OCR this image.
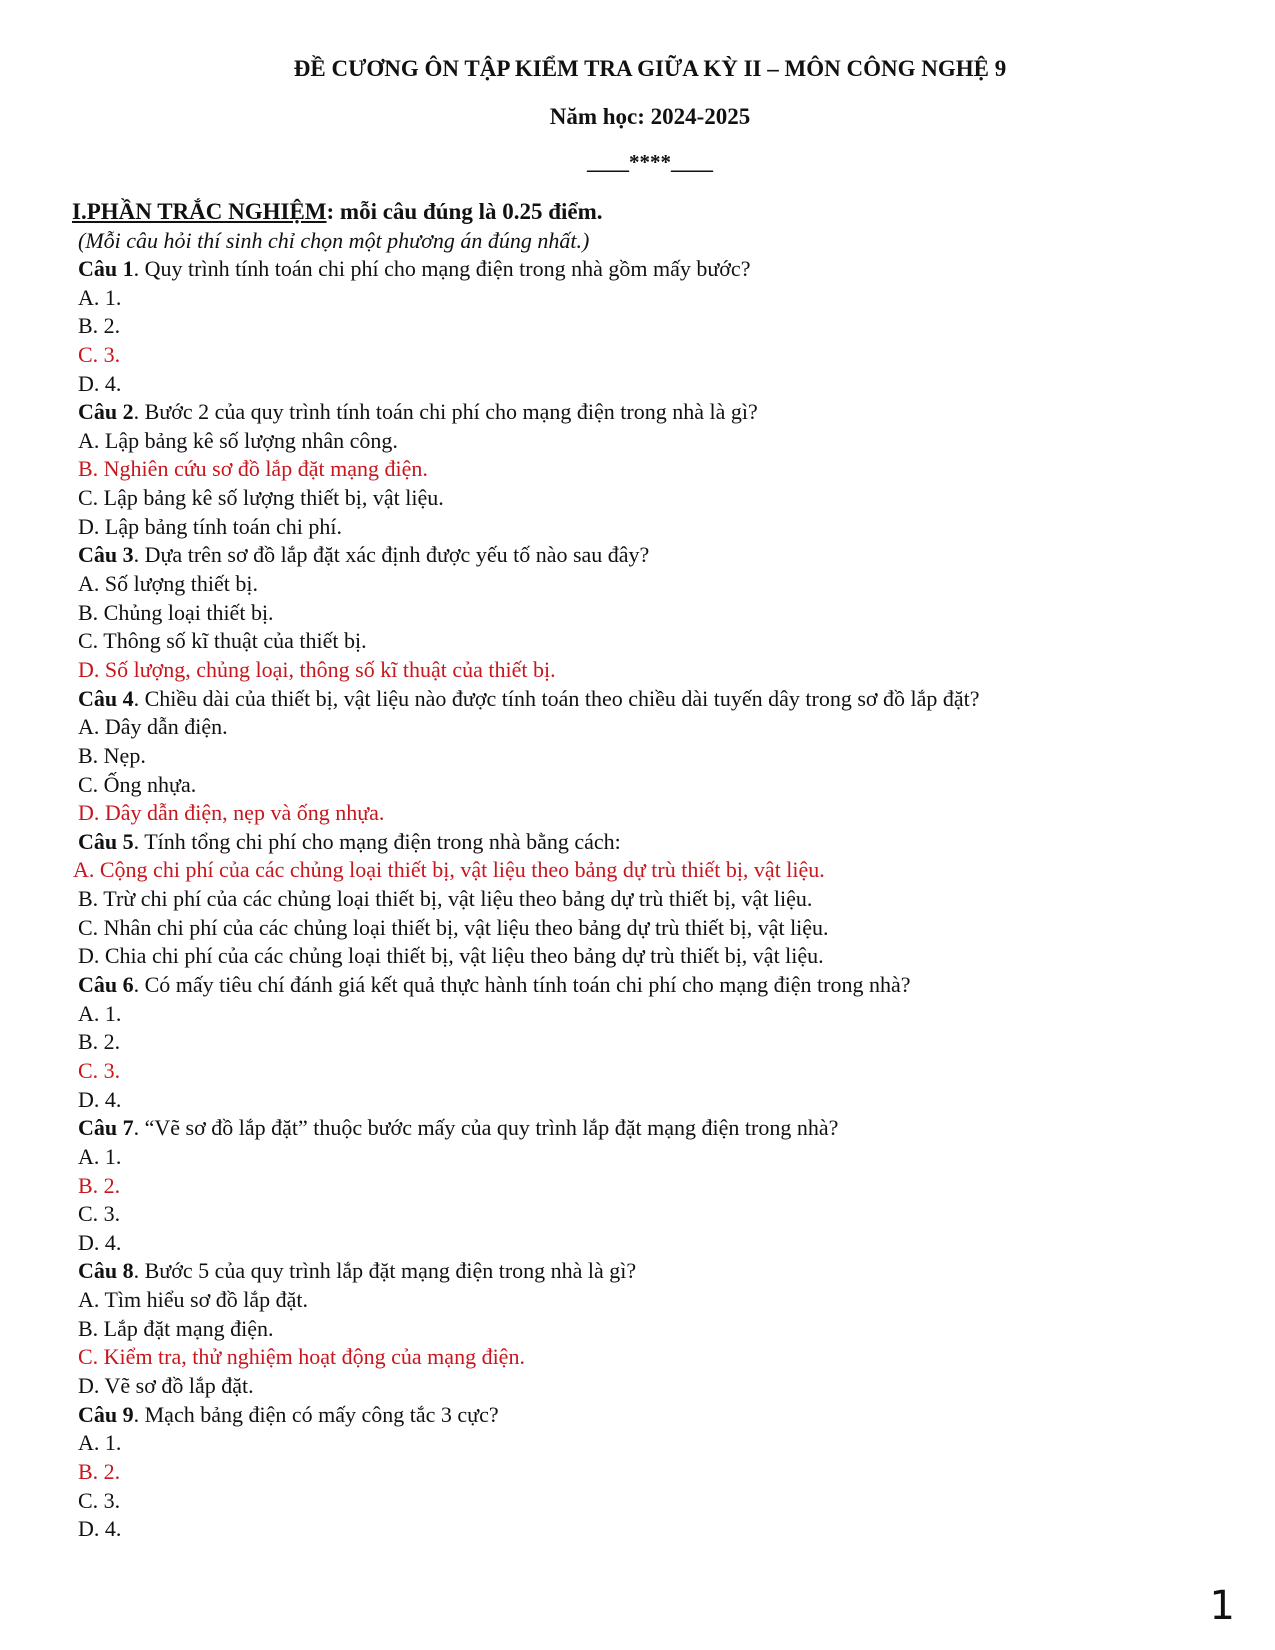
ĐỀ CƯƠNG ÔN TẬP KIỂM TRA GIỮA KỲ II – MÔN CÔNG NGHỆ 9
Năm học: 2024-2025
____****____
I.PHẦN TRẮC NGHIỆM: mỗi câu đúng là 0.25 điểm.
(Mỗi câu hỏi thí sinh chỉ chọn một phương án đúng nhất.)
Câu 1. Quy trình tính toán chi phí cho mạng điện trong nhà gồm mấy bước?
A. 1.
B. 2.
C. 3.
D. 4.
Câu 2. Bước 2 của quy trình tính toán chi phí cho mạng điện trong nhà là gì?
A. Lập bảng kê số lượng nhân công.
B. Nghiên cứu sơ đồ lắp đặt mạng điện.
C. Lập bảng kê số lượng thiết bị, vật liệu.
D. Lập bảng tính toán chi phí.
Câu 3. Dựa trên sơ đồ lắp đặt xác định được yếu tố nào sau đây?
A. Số lượng thiết bị.
B. Chủng loại thiết bị.
C. Thông số kĩ thuật của thiết bị.
D. Số lượng, chủng loại, thông số kĩ thuật của thiết bị.
Câu 4. Chiều dài của thiết bị, vật liệu nào được tính toán theo chiều dài tuyến dây trong sơ đồ lắp đặt?
A. Dây dẫn điện.
B. Nẹp.
C. Ống nhựa.
D. Dây dẫn điện, nẹp và ống nhựa.
Câu 5. Tính tổng chi phí cho mạng điện trong nhà bằng cách:
A. Cộng chi phí của các chủng loại thiết bị, vật liệu theo bảng dự trù thiết bị, vật liệu.
B. Trừ chi phí của các chủng loại thiết bị, vật liệu theo bảng dự trù thiết bị, vật liệu.
C. Nhân chi phí của các chủng loại thiết bị, vật liệu theo bảng dự trù thiết bị, vật liệu.
D. Chia chi phí của các chủng loại thiết bị, vật liệu theo bảng dự trù thiết bị, vật liệu.
Câu 6. Có mấy tiêu chí đánh giá kết quả thực hành tính toán chi phí cho mạng điện trong nhà?
A. 1.
B. 2.
C. 3.
D. 4.
Câu 7. “Vẽ sơ đồ lắp đặt” thuộc bước mấy của quy trình lắp đặt mạng điện trong nhà?
A. 1.
B. 2.
C. 3.
D. 4.
Câu 8. Bước 5 của quy trình lắp đặt mạng điện trong nhà là gì?
A. Tìm hiểu sơ đồ lắp đặt.
B. Lắp đặt mạng điện.
C. Kiểm tra, thử nghiệm hoạt động của mạng điện.
D. Vẽ sơ đồ lắp đặt.
Câu 9. Mạch bảng điện có mấy công tắc 3 cực?
A. 1.
B. 2.
C. 3.
D. 4.
1
